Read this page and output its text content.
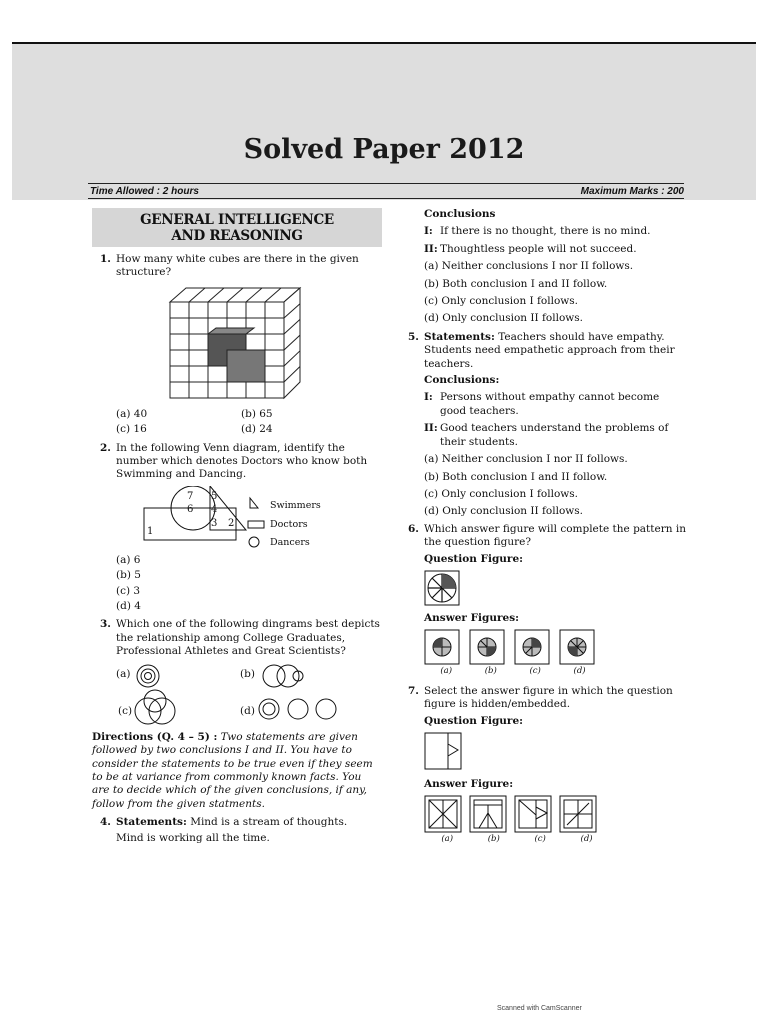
Solved Paper 2012
Time Allowed : 2 hours	Maximum Marks : 200
GENERAL INTELLIGENCE
AND REASONING
1. How many white cubes are there in the given structure?
(a) 40	(b) 65
(c) 16	(d) 24
2. In the following Venn diagram, identify the number which denotes Doctors who know both Swimming and Dancing.
7 5
6 4
3 2
1
Swimmers
Doctors
Dancers
(a) 6
(b) 5
(c) 3
(d) 4
3. Which one of the following dingrams best depicts the relationship among College Graduates, Professional Athletes and Great Scientists?
(a)	(b)
(c)	(d)
Directions (Q. 4 – 5) : Two statements are given followed by two conclusions I and II. You have to consider the statements to be true even if they seem to be at variance from commonly known facts. You are to decide which of the given conclusions, if any, follow from the given statments.
4. Statements: Mind is a stream of thoughts.
Mind is working all the time.
Conclusions
I: If there is no thought, there is no mind.
II: Thoughtless people will not succeed.
(a) Neither conclusions I nor II follows.
(b) Both conclusion I and II follow.
(c) Only conclusion I follows.
(d) Only conclusion II follows.
5. Statements: Teachers should have empathy. Students need empathetic approach from their teachers.
Conclusions:
I: Persons without empathy cannot become good teachers.
II: Good teachers understand the problems of their students.
(a) Neither conclusion I nor II follows.
(b) Both conclusion I and II follow.
(c) Only conclusion I follows.
(d) Only conclusion II follows.
6. Which answer figure will complete the pattern in the question figure?
Question Figure:
Answer Figures:
(a)	(b)	(c)	(d)
7. Select the answer figure in which the question figure is hidden/embedded.
Question Figure:
Answer Figure:
(a)	(b)	(c)	(d)
Scanned with CamScanner
